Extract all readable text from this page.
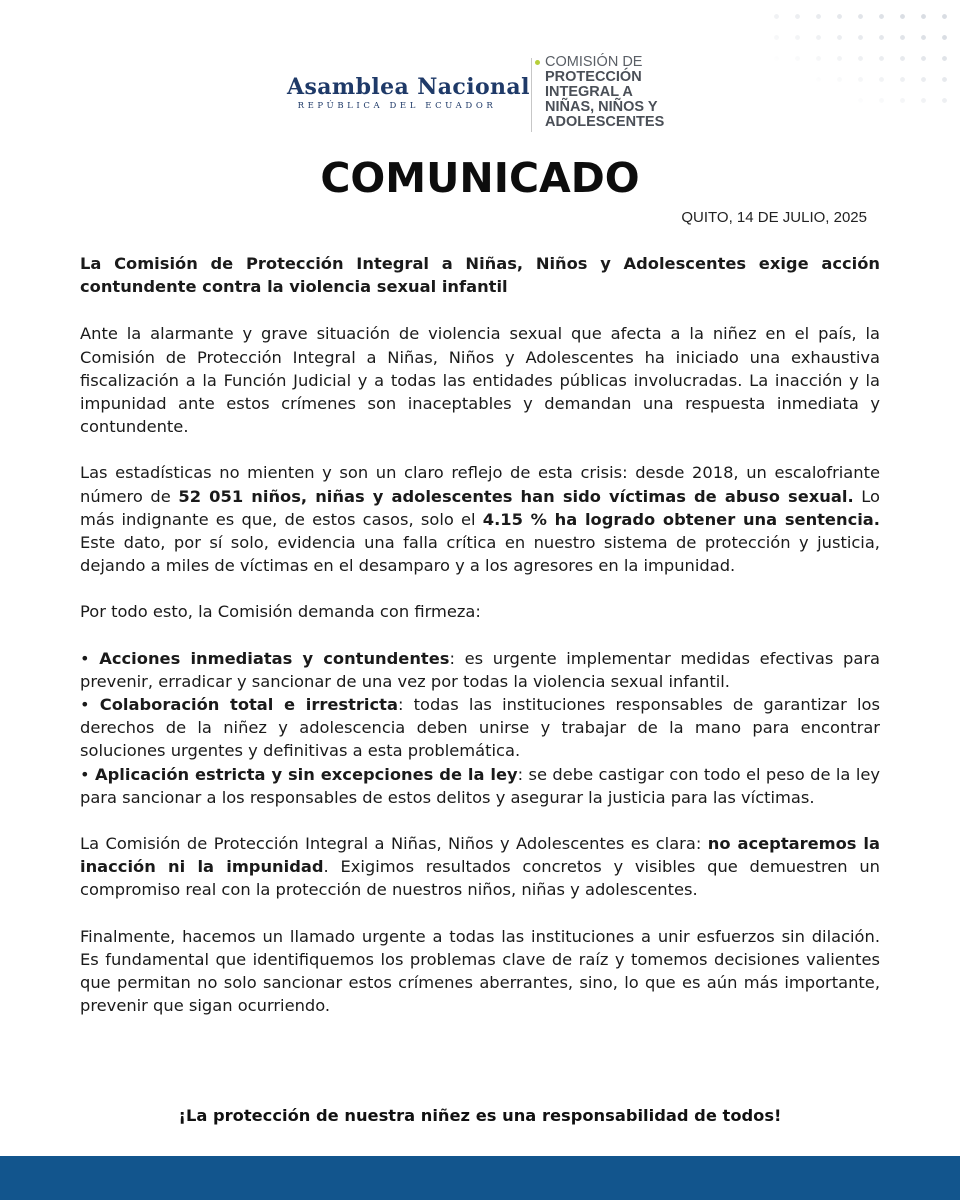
Asamblea Nacional
REPÚBLICA DEL ECUADOR
COMISIÓN DE
PROTECCIÓN
INTEGRAL A
NIÑAS, NIÑOS Y
ADOLESCENTES
COMUNICADO
QUITO, 14 DE JULIO, 2025

La Comisión de Protección Integral a Niñas, Niños y Adolescentes exige acción contundente contra la violencia sexual infantil

Ante la alarmante y grave situación de violencia sexual que afecta a la niñez en el país, la Comisión de Protección Integral a Niñas, Niños y Adolescentes ha iniciado una exhaustiva fiscalización a la Función Judicial y a todas las entidades públicas involucradas. La inacción y la impunidad ante estos crímenes son inaceptables y demandan una respuesta inmediata y contundente.

Las estadísticas no mienten y son un claro reflejo de esta crisis: desde 2018, un escalofriante número de 52 051 niños, niñas y adolescentes han sido víctimas de abuso sexual. Lo más indignante es que, de estos casos, solo el 4.15 % ha logrado obtener una sentencia. Este dato, por sí solo, evidencia una falla crítica en nuestro sistema de protección y justicia, dejando a miles de víctimas en el desamparo y a los agresores en la impunidad.

Por todo esto, la Comisión demanda con firmeza:

• Acciones inmediatas y contundentes: es urgente implementar medidas efectivas para prevenir, erradicar y sancionar de una vez por todas la violencia sexual infantil.
• Colaboración total e irrestricta: todas las instituciones responsables de garantizar los derechos de la niñez y adolescencia deben unirse y trabajar de la mano para encontrar soluciones urgentes y definitivas a esta problemática.
• Aplicación estricta y sin excepciones de la ley: se debe castigar con todo el peso de la ley para sancionar a los responsables de estos delitos y asegurar la justicia para las víctimas.

La Comisión de Protección Integral a Niñas, Niños y Adolescentes es clara: no aceptaremos la inacción ni la impunidad. Exigimos resultados concretos y visibles que demuestren un compromiso real con la protección de nuestros niños, niñas y adolescentes.

Finalmente, hacemos un llamado urgente a todas las instituciones a unir esfuerzos sin dilación. Es fundamental que identifiquemos los problemas clave de raíz y tomemos decisiones valientes que permitan no solo sancionar estos crímenes aberrantes, sino, lo que es aún más importante, prevenir que sigan ocurriendo.

¡La protección de nuestra niñez es una responsabilidad de todos!
